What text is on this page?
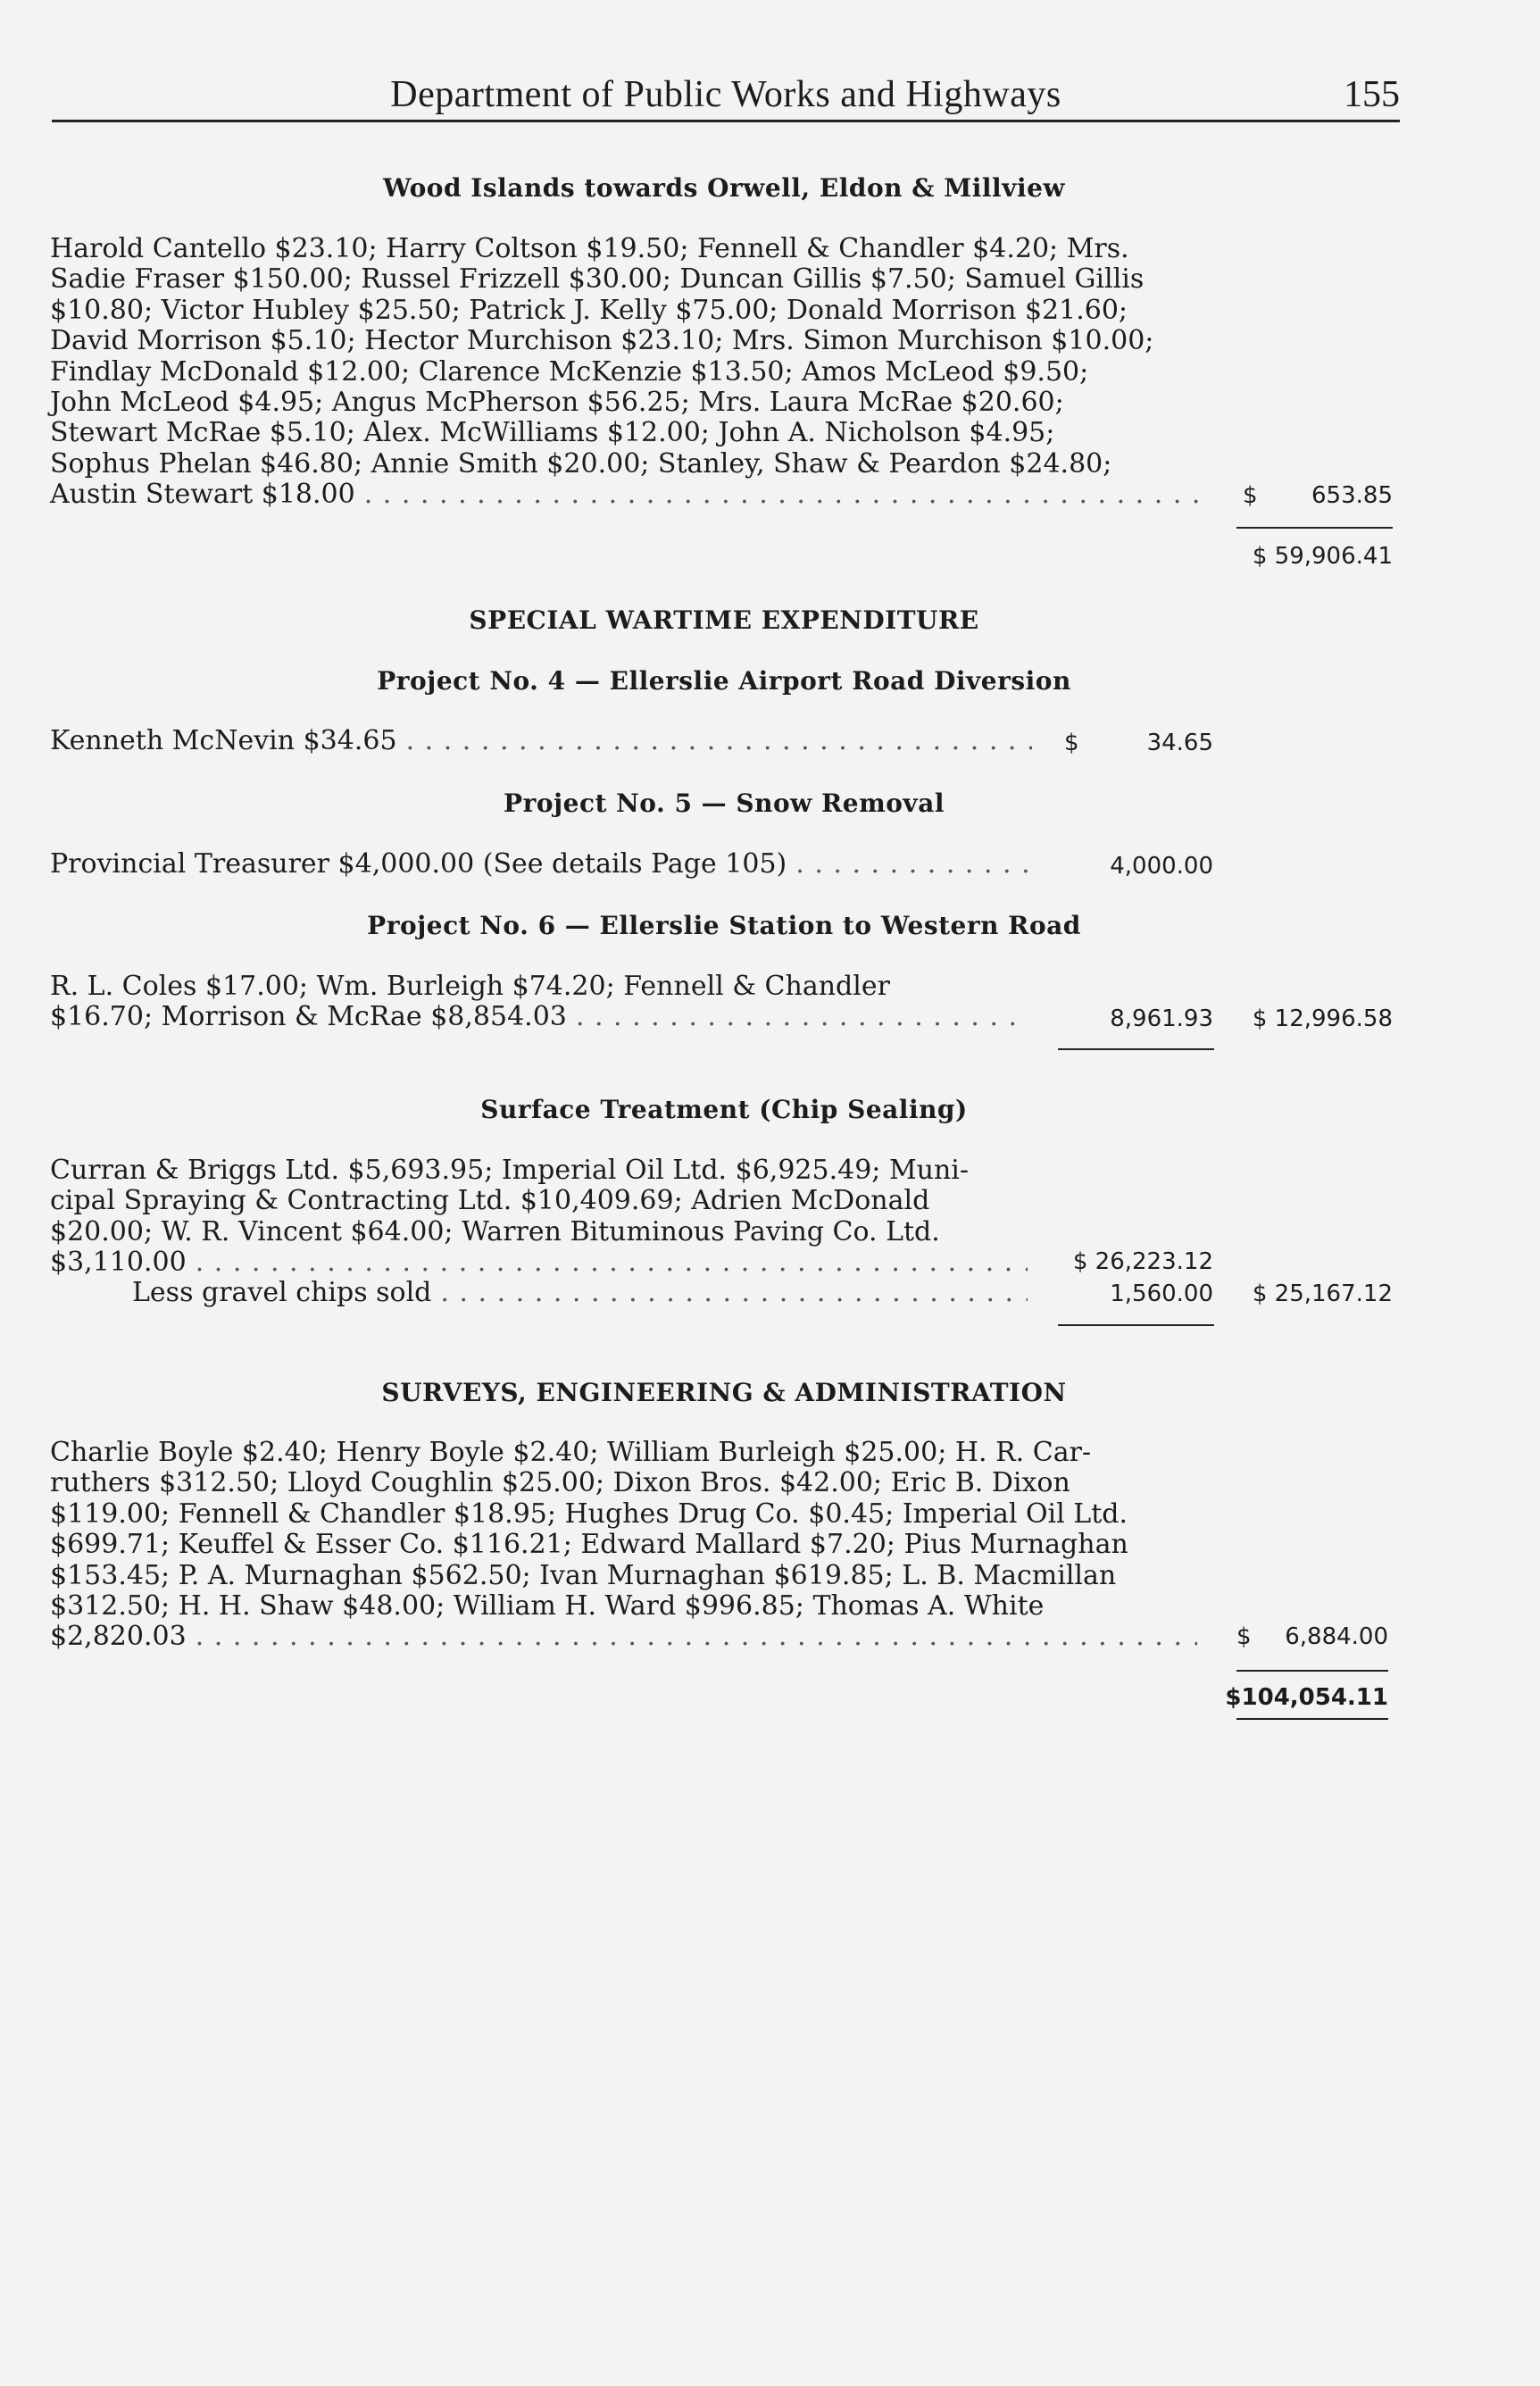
Department of Public Works and Highways	155
Wood Islands towards Orwell, Eldon & Millview
Harold Cantello $23.10; Harry Coltson $19.50; Fennell & Chandler $4.20; Mrs.
Sadie Fraser $150.00; Russel Frizzell $30.00; Duncan Gillis $7.50; Samuel Gillis
$10.80; Victor Hubley $25.50; Patrick J. Kelly $75.00; Donald Morrison $21.60;
David Morrison $5.10; Hector Murchison $23.10; Mrs. Simon Murchison $10.00;
Findlay McDonald $12.00; Clarence McKenzie $13.50; Amos McLeod $9.50;
John McLeod $4.95; Angus McPherson $56.25; Mrs. Laura McRae $20.60;
Stewart McRae $5.10; Alex. McWilliams $12.00; John A. Nicholson $4.95;
Sophus Phelan $46.80; Annie Smith $20.00; Stanley, Shaw & Peardon $24.80;
Austin Stewart $18.00 . . .	$ 653.85
$ 59,906.41
SPECIAL WARTIME EXPENDITURE
Project No. 4 — Ellerslie Airport Road Diversion
Kenneth McNevin $34.65 . . .	$	34.65
Project No. 5 — Snow Removal
Provincial Treasurer $4,000.00 (See details Page 105) . . .	4,000.00
Project No. 6 — Ellerslie Station to Western Road
R. L. Coles $17.00; Wm. Burleigh $74.20; Fennell & Chandler
$16.70; Morrison & McRae $8,854.03 . . .	8,961.93 $ 12,996.58
Surface Treatment (Chip Sealing)
Curran & Briggs Ltd. $5,693.95; Imperial Oil Ltd. $6,925.49; Muni-
cipal Spraying & Contracting Ltd. $10,409.69; Adrien McDonald
$20.00; W. R. Vincent $64.00; Warren Bituminous Paving Co. Ltd.
$3,110.00 . . .	$ 26,223.12
Less gravel chips sold . . .	1,560.00 $ 25,167.12
SURVEYS, ENGINEERING & ADMINISTRATION
Charlie Boyle $2.40; Henry Boyle $2.40; William Burleigh $25.00; H. R. Car-
ruthers $312.50; Lloyd Coughlin $25.00; Dixon Bros. $42.00; Eric B. Dixon
$119.00; Fennell & Chandler $18.95; Hughes Drug Co. $0.45; Imperial Oil Ltd.
$699.71; Keuffel & Esser Co. $116.21; Edward Mallard $7.20; Pius Murnaghan
$153.45; P. A. Murnaghan $562.50; Ivan Murnaghan $619.85; L. B. Macmillan
$312.50; H. H. Shaw $48.00; William H. Ward $996.85; Thomas A. White
$2,820.03 . . .	$ 6,884.00
$104,054.11
